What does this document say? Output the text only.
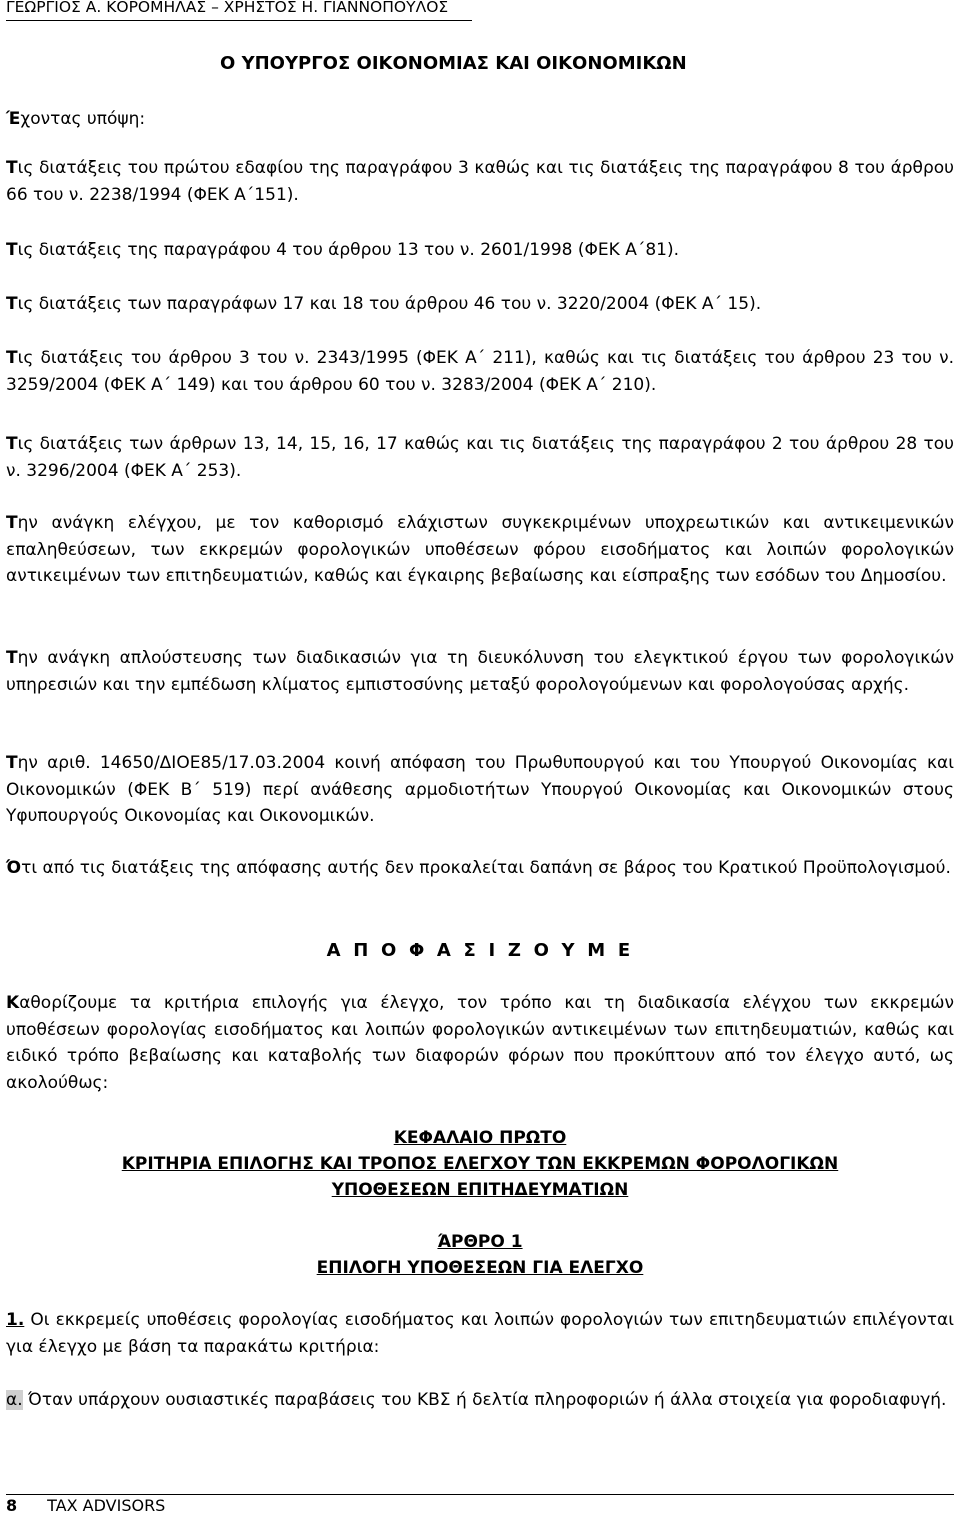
ΓΕΩΡΓΙΟΣ Α. ΚΟΡΟΜΗΛΑΣ – ΧΡΗΣΤΟΣ Η. ΓΙΑΝΝΟΠΟΥΛΟΣ
Ο ΥΠΟΥΡΓΟΣ ΟΙΚΟΝΟΜΙΑΣ ΚΑΙ ΟΙΚΟΝΟΜΙΚΩΝ
Έχοντας υπόψη:

Τις διατάξεις του πρώτου εδαφίου της παραγράφου 3 καθώς και τις διατάξεις της παραγράφου 8 του άρθρου 66 του ν. 2238/1994 (ΦΕΚ Α΄151).

Τις διατάξεις της παραγράφου 4 του άρθρου 13 του ν. 2601/1998 (ΦΕΚ Α΄81).

Τις διατάξεις των παραγράφων 17 και 18 του άρθρου 46 του ν. 3220/2004 (ΦΕΚ Α΄ 15).

Τις διατάξεις του άρθρου 3 του ν. 2343/1995 (ΦΕΚ Α΄ 211), καθώς και τις διατάξεις του άρθρου 23 του ν. 3259/2004 (ΦΕΚ Α΄ 149) και του άρθρου 60 του ν. 3283/2004 (ΦΕΚ Α΄ 210).

Τις διατάξεις των άρθρων 13, 14, 15, 16, 17 καθώς και τις διατάξεις της παραγράφου 2 του άρθρου 28 του ν. 3296/2004 (ΦΕΚ Α΄ 253).

Την ανάγκη ελέγχου, με τον καθορισμό ελάχιστων συγκεκριμένων υποχρεωτικών και αντικειμενικών επαληθεύσεων, των εκκρεμών φορολογικών υποθέσεων φόρου εισοδήματος και λοιπών φορολογικών αντικειμένων των επιτηδευματιών, καθώς και έγκαιρης βεβαίωσης και είσπραξης των εσόδων του Δημοσίου.

Την ανάγκη απλούστευσης των διαδικασιών για τη διευκόλυνση του ελεγκτικού έργου των φορολογικών υπηρεσιών και την εμπέδωση κλίματος εμπιστοσύνης μεταξύ φορολογούμενων και φορολογούσας αρχής.

Την αριθ. 14650/ΔΙΟΕ85/17.03.2004 κοινή απόφαση του Πρωθυπουργού και του Υπουργού Οικονομίας και Οικονομικών (ΦΕΚ Β΄ 519) περί ανάθεσης αρμοδιοτήτων Υπουργού Οικονομίας και Οικονομικών στους Υφυπουργούς Οικονομίας και Οικονομικών.

Ότι από τις διατάξεις της απόφασης αυτής δεν προκαλείται δαπάνη σε βάρος του Κρατικού Προϋπολογισμού.

Α Π Ο Φ Α Σ Ι Ζ Ο Υ Μ Ε

Καθορίζουμε τα κριτήρια επιλογής για έλεγχο, τον τρόπο και τη διαδικασία ελέγχου των εκκρεμών υποθέσεων φορολογίας εισοδήματος και λοιπών φορολογικών αντικειμένων των επιτηδευματιών, καθώς και ειδικό τρόπο βεβαίωσης και καταβολής των διαφορών φόρων που προκύπτουν από τον έλεγχο αυτό, ως ακολούθως:

ΚΕΦΑΛΑΙΟ ΠΡΩΤΟ
ΚΡΙΤΗΡΙΑ ΕΠΙΛΟΓΗΣ ΚΑΙ ΤΡΟΠΟΣ ΕΛΕΓΧΟΥ ΤΩΝ ΕΚΚΡΕΜΩΝ ΦΟΡΟΛΟΓΙΚΩΝ
ΥΠΟΘΕΣΕΩΝ ΕΠΙΤΗΔΕΥΜΑΤΙΩΝ
ΆΡΘΡΟ 1
ΕΠΙΛΟΓΗ ΥΠΟΘΕΣΕΩΝ ΓΙΑ ΕΛΕΓΧΟ

1. Οι εκκρεμείς υποθέσεις φορολογίας εισοδήματος και λοιπών φορολογιών των επιτηδευματιών επιλέγονται για έλεγχο με βάση τα παρακάτω κριτήρια:

α. Όταν υπάρχουν ουσιαστικές παραβάσεις του ΚΒΣ ή δελτία πληροφοριών ή άλλα στοιχεία για φοροδιαφυγή.

8 TAX ADVISORS
